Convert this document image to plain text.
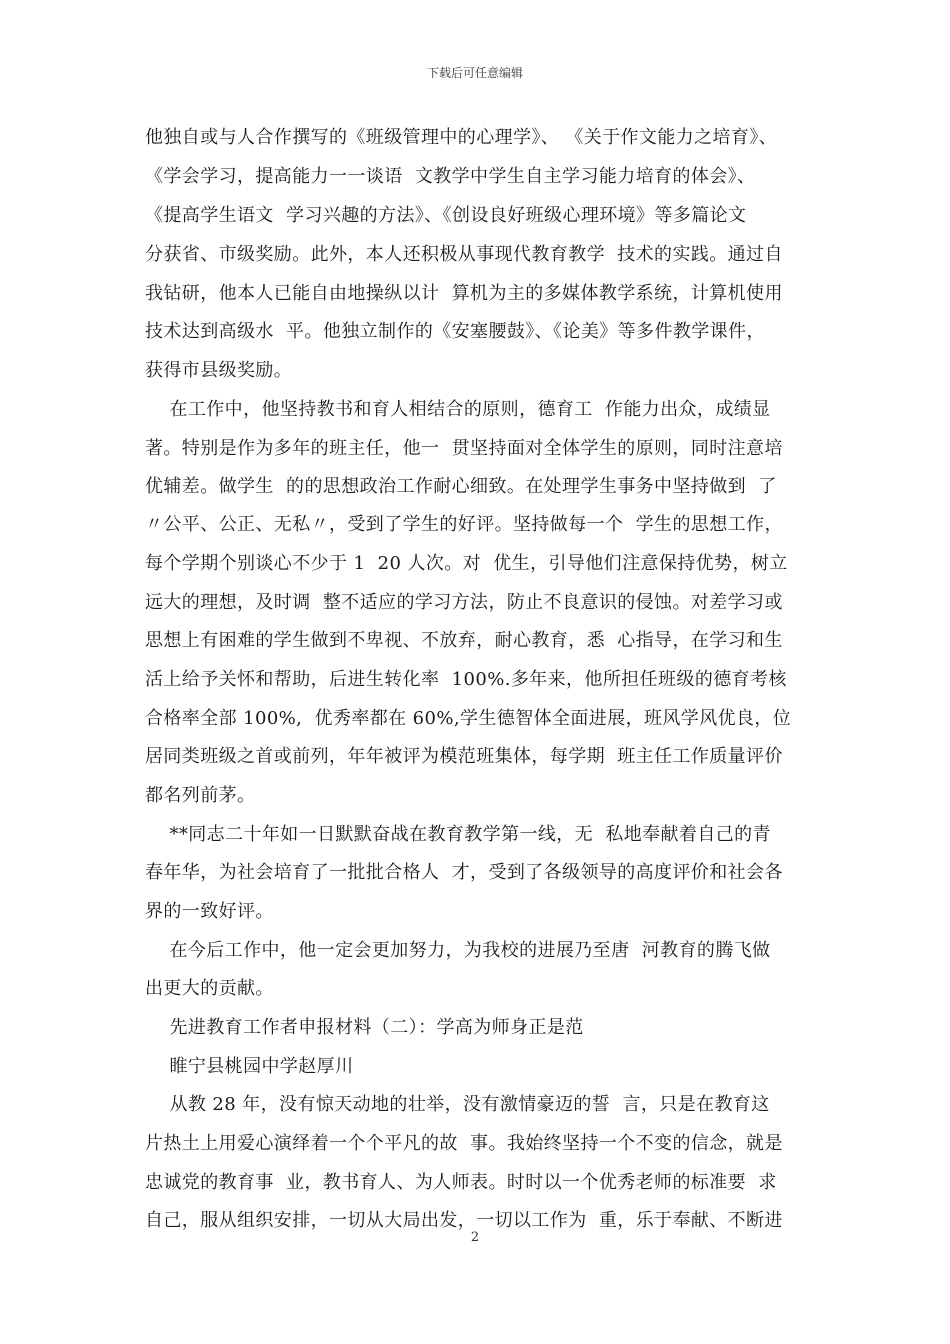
下载后可任意编辑
他独自或与人合作撰写的《班级管理中的心理学》、 《关于作文能力之培育》、
《学会学习，提高能力一一谈语  文教学中学生自主学习能力培育的体会》、
《提高学生语文  学习兴趣的方法》、《创设良好班级心理环境》等多篇论文
分获省、市级奖励。此外，本人还积极从事现代教育教学  技术的实践。通过自
我钻研，他本人已能自由地操纵以计  算机为主的多媒体教学系统，计算机使用
技术达到高级水  平。他独立制作的《安塞腰鼓》、《论美》等多件教学课件，
获得市县级奖励。
在工作中，他坚持教书和育人相结合的原则，德育工  作能力出众，成绩显
著。特别是作为多年的班主任，他一  贯坚持面对全体学生的原则，同时注意培
优辅差。做学生  的的思想政治工作耐心细致。在处理学生事务中坚持做到  了
〃公平、公正、无私〃，受到了学生的好评。坚持做每一个  学生的思想工作，
每个学期个别谈心不少于 1  20 人次。对  优生，引导他们注意保持优势，树立
远大的理想，及时调  整不适应的学习方法，防止不良意识的侵蚀。对差学习或
思想上有困难的学生做到不卑视、不放弃，耐心教育，悉  心指导，在学习和生
活上给予关怀和帮助，后进生转化率  100%.多年来，他所担任班级的德育考核
合格率全部 100%,  优秀率都在 60%,学生德智体全面进展，班风学风优良，位
居同类班级之首或前列，年年被评为模范班集体，每学期  班主任工作质量评价
都名列前茅。
**同志二十年如一日默默奋战在教育教学第一线，无  私地奉献着自己的青
春年华，为社会培育了一批批合格人  才，受到了各级领导的高度评价和社会各
界的一致好评。
在今后工作中，他一定会更加努力，为我校的进展乃至唐  河教育的腾飞做
出更大的贡献。
先进教育工作者申报材料（二）：学高为师身正是范
睢宁县桃园中学赵厚川
从教 28 年，没有惊天动地的壮举，没有激情豪迈的誓  言，只是在教育这
片热土上用爱心演绎着一个个平凡的故  事。我始终坚持一个不变的信念，就是
忠诚党的教育事  业，教书育人、为人师表。时时以一个优秀老师的标准要  求
自己，服从组织安排，一切从大局出发，一切以工作为  重，乐于奉献、不断进
2
